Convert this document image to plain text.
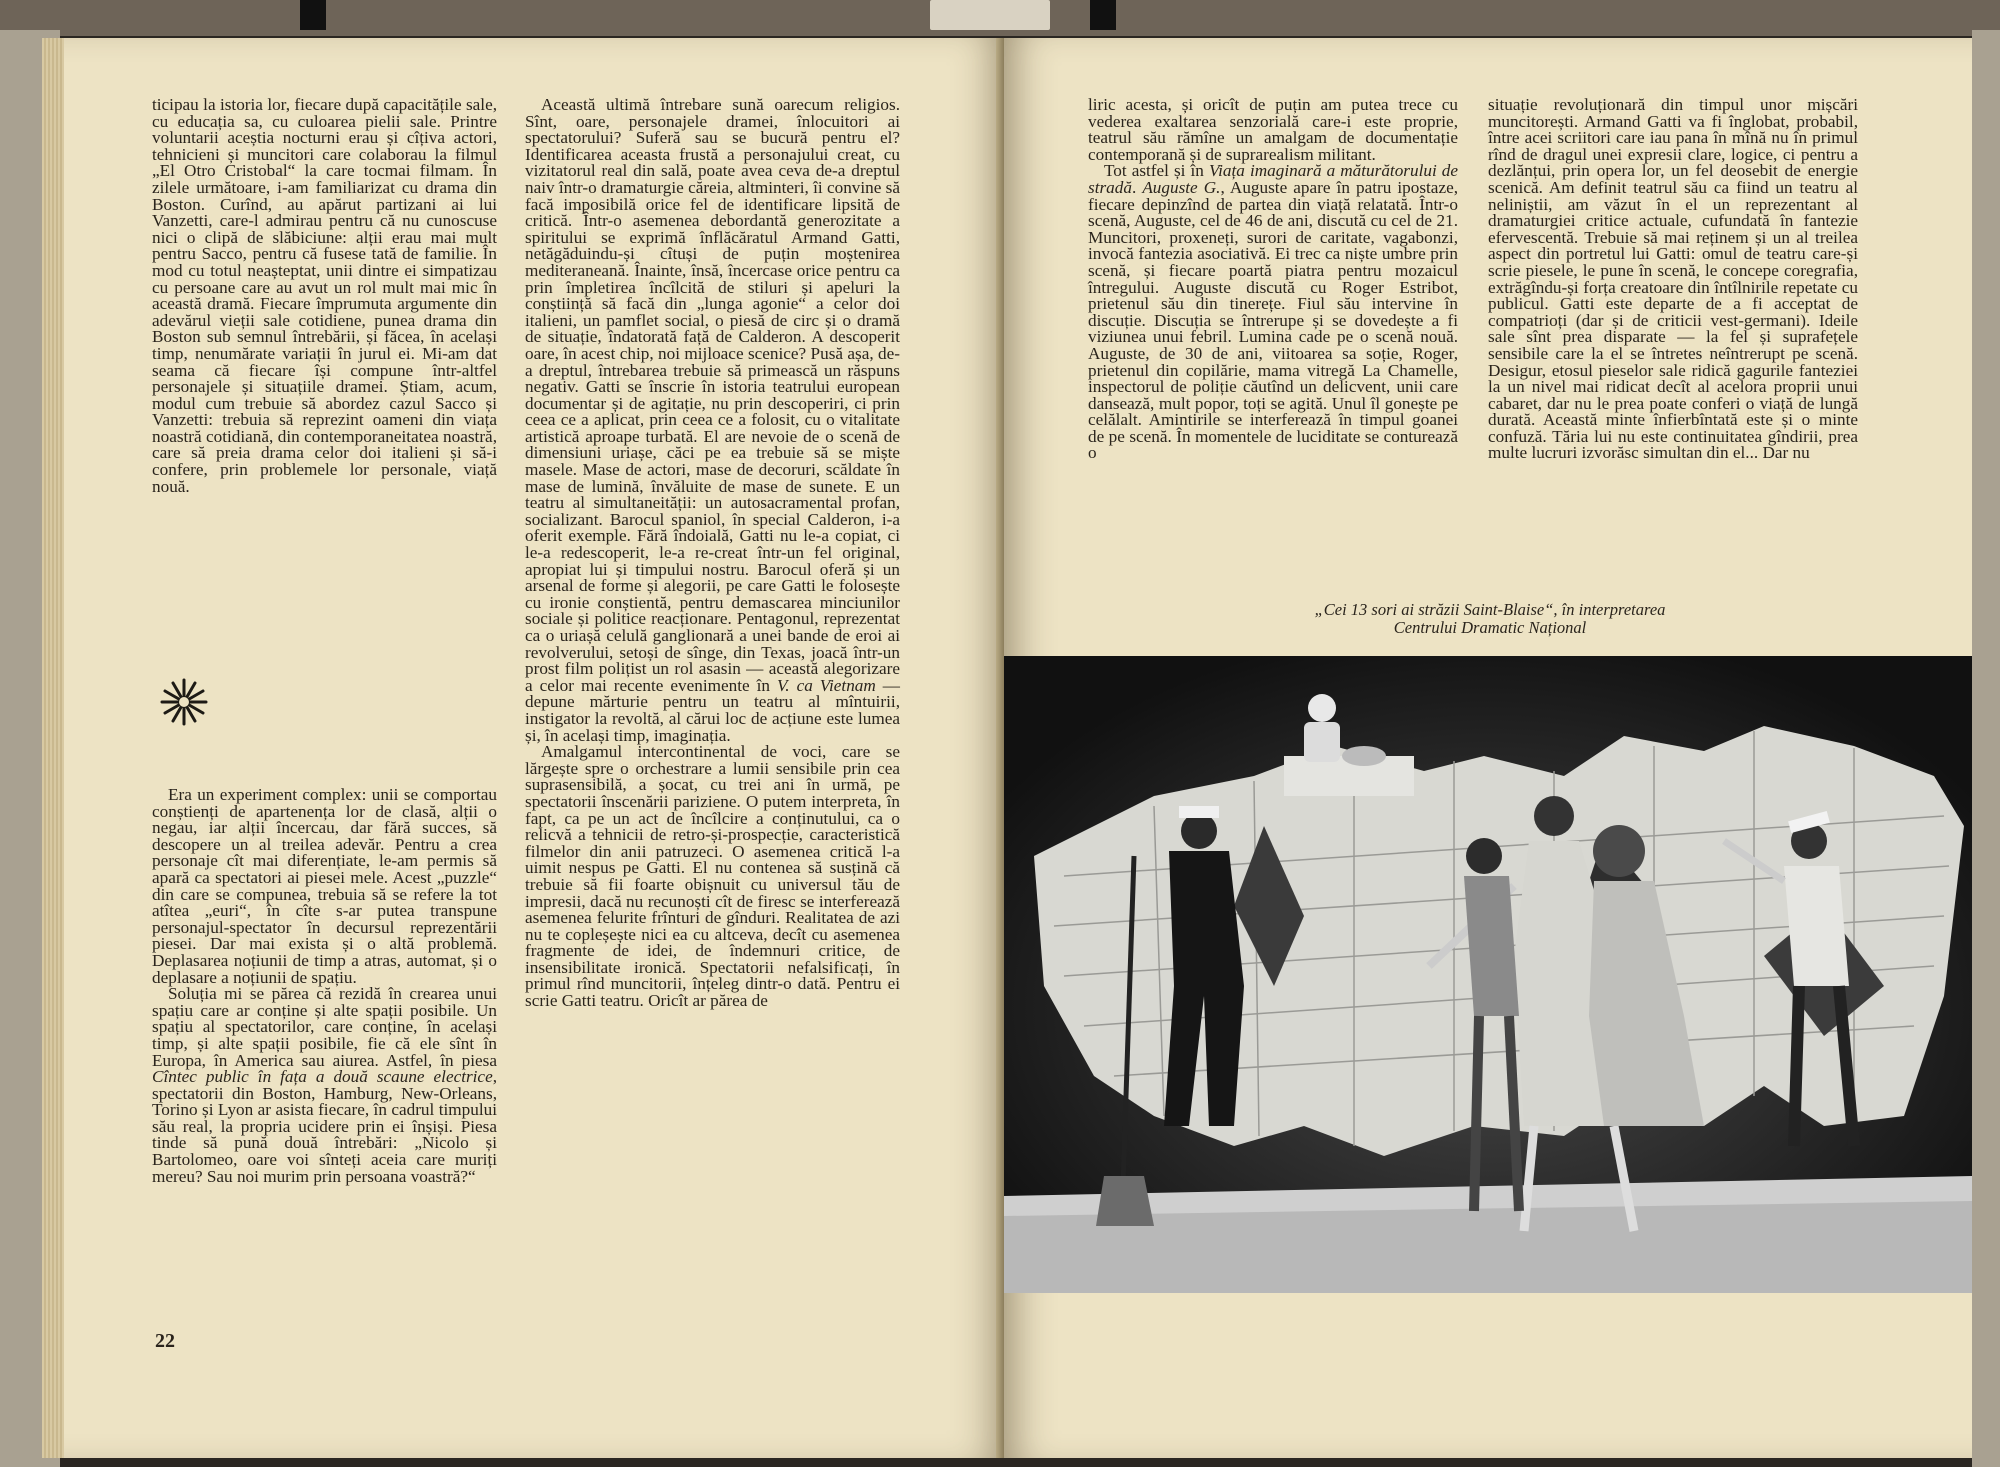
ticipau la istoria lor, fiecare după capacitățile sale, cu educația sa, cu culoarea pielii sale. Printre voluntarii aceștia nocturni erau și cîțiva actori, tehnicieni și muncitori care colaborau la filmul „El Otro Cristobal“ la care tocmai filmam. În zilele următoare, i-am familiarizat cu drama din Boston. Curînd, au apărut partizani ai lui Vanzetti, care-l admirau pentru că nu cunoscuse nici o clipă de slăbiciune: alții erau mai mult pentru Sacco, pentru că fusese tată de familie. În mod cu totul neașteptat, unii dintre ei simpatizau cu persoane care au avut un rol mult mai mic în această dramă. Fiecare împrumuta argumente din adevărul vieții sale cotidiene, punea drama din Boston sub semnul întrebării, și făcea, în același timp, nenumărate variații în jurul ei. Mi-am dat seama că fiecare își compune într-altfel personajele și situațiile dramei. Știam, acum, modul cum trebuie să abordez cazul Sacco și Vanzetti: trebuia să reprezint oameni din viața noastră cotidiană, din contemporaneitatea noastră, care să preia drama celor doi italieni și să-i confere, prin problemele lor personale, viață nouă.

Era un experiment complex: unii se comportau conștienți de apartenența lor de clasă, alții o negau, iar alții încercau, dar fără succes, să descopere un al treilea adevăr. Pentru a crea personaje cît mai diferențiate, le-am permis să apară ca spectatori ai piesei mele. Acest „puzzle“ din care se compunea, trebuia să se refere la tot atîtea „euri“, în cîte s-ar putea transpune personajul-spectator în decursul reprezentării piesei. Dar mai exista și o altă problemă. Deplasarea noțiunii de timp a atras, automat, și o deplasare a noțiunii de spațiu.

Soluția mi se părea că rezidă în crearea unui spațiu care ar conține și alte spații posibile. Un spațiu al spectatorilor, care conține, în același timp, și alte spații posibile, fie că ele sînt în Europa, în America sau aiurea. Astfel, în piesa Cîntec public în fața a două scaune electrice, spectatorii din Boston, Hamburg, New-Orleans, Torino și Lyon ar asista fiecare, în cadrul timpului său real, la propria ucidere prin ei înșiși. Piesa tinde să pună două întrebări: „Nicolo și Bartolomeo, oare voi sînteți aceia care muriți mereu? Sau noi murim prin persoana voastră?“

Această ultimă întrebare sună oarecum religios. Sînt, oare, personajele dramei, înlocuitori ai spectatorului? Suferă sau se bucură pentru el? Identificarea aceasta frustă a personajului creat, cu vizitatorul real din sală, poate avea ceva de-a dreptul naiv într-o dramaturgie căreia, altminteri, îi convine să facă imposibilă orice fel de identificare lipsită de critică. Într-o asemenea debordantă generozitate a spiritului se exprimă înflăcăratul Armand Gatti, netăgăduindu-și cîtuși de puțin moștenirea mediteraneană. Înainte, însă, încercase orice pentru ca prin împletirea încîlcită de stiluri și apeluri la conștiință să facă din „lunga agonie“ a celor doi italieni, un pamflet social, o piesă de circ și o dramă de situație, îndatorată față de Calderon. A descoperit oare, în acest chip, noi mijloace scenice? Pusă așa, de-a dreptul, întrebarea trebuie să primească un răspuns negativ. Gatti se înscrie în istoria teatrului european documentar și de agitație, nu prin descoperiri, ci prin ceea ce a aplicat, prin ceea ce a folosit, cu o vitalitate artistică aproape turbată. El are nevoie de o scenă de dimensiuni uriașe, căci pe ea trebuie să se miște masele. Mase de actori, mase de decoruri, scăldate în mase de lumină, învăluite de mase de sunete. E un teatru al simultaneității: un autosacramental profan, socializant. Barocul spaniol, în special Calderon, i-a oferit exemple. Fără îndoială, Gatti nu le-a copiat, ci le-a redescoperit, le-a re-creat într-un fel original, apropiat lui și timpului nostru. Barocul oferă și un arsenal de forme și alegorii, pe care Gatti le folosește cu ironie conștientă, pentru demascarea minciunilor sociale și politice reacționare. Pentagonul, reprezentat ca o uriașă celulă ganglionară a unei bande de eroi ai revolverului, setoși de sînge, din Texas, joacă într-un prost film polițist un rol asasin — această alegorizare a celor mai recente evenimente în V. ca Vietnam — depune mărturie pentru un teatru al mîntuirii, instigator la revoltă, al cărui loc de acțiune este lumea și, în același timp, imaginația.

Amalgamul intercontinental de voci, care se lărgește spre o orchestrare a lumii sensibile prin cea suprasensibilă, a șocat, cu trei ani în urmă, pe spectatorii înscenării pariziene. O putem interpreta, în fapt, ca pe un act de încîlcire a conținutului, ca o relicvă a tehnicii de retro-și-prospecție, caracteristică filmelor din anii patruzeci. O asemenea critică l-a uimit nespus pe Gatti. El nu contenea să susțină că trebuie să fii foarte obișnuit cu universul tău de impresii, dacă nu recunoști cît de firesc se interferează asemenea felurite frînturi de gînduri. Realitatea de azi nu te copleșește nici ea cu altceva, decît cu asemenea fragmente de idei, de îndemnuri critice, de insensibilitate ironică. Spectatorii nefalsificați, în primul rînd muncitorii, înțeleg dintr-o dată. Pentru ei scrie Gatti teatru. Oricît ar părea de

22

liric acesta, și oricît de puțin am putea trece cu vederea exaltarea senzorială care-i este proprie, teatrul său rămîne un amalgam de documentație contemporană și de suprarealism militant.

Tot astfel și în Viața imaginară a măturătorului de stradă. Auguste G., Auguste apare în patru ipostaze, fiecare depinzînd de partea din viață relatată. Într-o scenă, Auguste, cel de 46 de ani, discută cu cel de 21. Muncitori, proxeneți, surori de caritate, vagabonzi, invocă fantezia asociativă. Ei trec ca niște umbre prin scenă, și fiecare poartă piatra pentru mozaicul întregului. Auguste discută cu Roger Estribot, prietenul său din tinerețe. Fiul său intervine în discuție. Discuția se întrerupe și se dovedește a fi viziunea unui febril. Lumina cade pe o scenă nouă. Auguste, de 30 de ani, viitoarea sa soție, Roger, prietenul din copilărie, mama vitregă La Chamelle, inspectorul de poliție căutînd un delicvent, unii care dansează, mult popor, toți se agită. Unul îl gonește pe celălalt. Amintirile se interferează în timpul goanei de pe scenă. În momentele de luciditate se conturează o

situație revoluționară din timpul unor mișcări muncitorești. Armand Gatti va fi înglobat, probabil, între acei scriitori care iau pana în mînă nu în primul rînd de dragul unei expresii clare, logice, ci pentru a dezlănțui, prin opera lor, un fel deosebit de energie scenică. Am definit teatrul său ca fiind un teatru al neliniștii, am văzut în el un reprezentant al dramaturgiei critice actuale, cufundată în fantezie efervescentă. Trebuie să mai reținem și un al treilea aspect din portretul lui Gatti: omul de teatru care-și scrie piesele, le pune în scenă, le concepe coregrafia, extrăgîndu-și forța creatoare din întîlnirile repetate cu publicul. Gatti este departe de a fi acceptat de compatrioți (dar și de criticii vest-germani). Ideile sale sînt prea disparate — la fel și suprafețele sensibile care la el se întretes neîntrerupt pe scenă. Desigur, etosul pieselor sale ridică gagurile fanteziei la un nivel mai ridicat decît al acelora proprii unui cabaret, dar nu le prea poate conferi o viață de lungă durată. Această minte înfierbîntată este și o minte confuză. Tăria lui nu este continuitatea gîndirii, prea multe lucruri izvorăsc simultan din el... Dar nu

„Cei 13 sori ai străzii Saint-Blaise“, în interpretarea Centrului Dramatic Național
